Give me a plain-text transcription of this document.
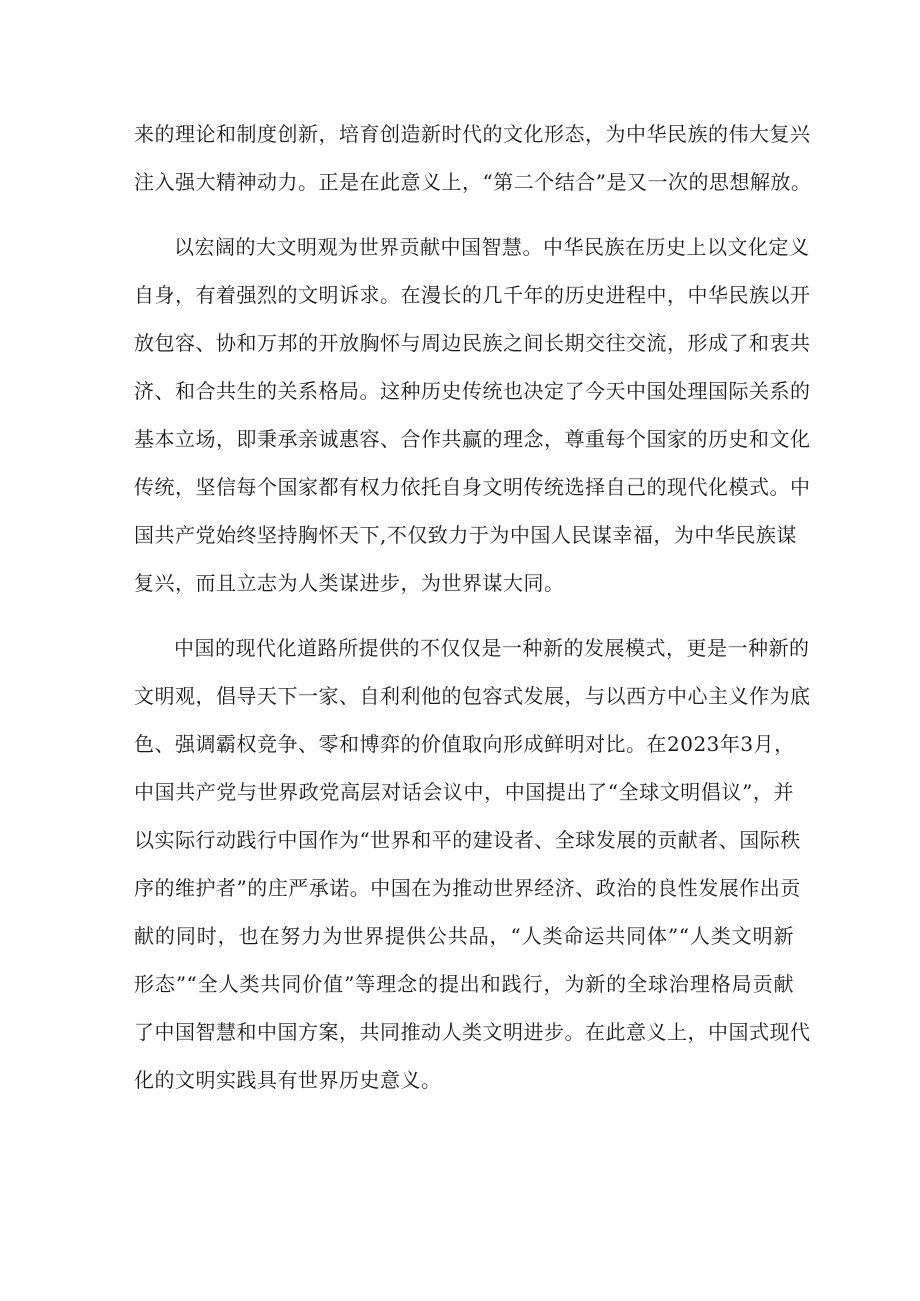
来的理论和制度创新，培育创造新时代的文化形态，为中华民族的伟大复兴
注入强大精神动力。正是在此意义上，“第二个结合”是又一次的思想解放。
以宏阔的大文明观为世界贡献中国智慧。中华民族在历史上以文化定义
自身，有着强烈的文明诉求。在漫长的几千年的历史进程中，中华民族以开
放包容、协和万邦的开放胸怀与周边民族之间长期交往交流，形成了和衷共
济、和合共生的关系格局。这种历史传统也决定了今天中国处理国际关系的
基本立场，即秉承亲诚惠容、合作共赢的理念，尊重每个国家的历史和文化
传统，坚信每个国家都有权力依托自身文明传统选择自己的现代化模式。中
国共产党始终坚持胸怀天下,不仅致力于为中国人民谋幸福，为中华民族谋
复兴，而且立志为人类谋进步，为世界谋大同。
中国的现代化道路所提供的不仅仅是一种新的发展模式，更是一种新的
文明观，倡导天下一家、自利利他的包容式发展，与以西方中心主义作为底
色、强调霸权竞争、零和博弈的价值取向形成鲜明对比。在2023年3月，
中国共产党与世界政党高层对话会议中，中国提出了“全球文明倡议”，并
以实际行动践行中国作为“世界和平的建设者、全球发展的贡献者、国际秩
序的维护者”的庄严承诺。中国在为推动世界经济、政治的良性发展作出贡
献的同时，也在努力为世界提供公共品，“人类命运共同体”“人类文明新
形态”“全人类共同价值”等理念的提出和践行，为新的全球治理格局贡献
了中国智慧和中国方案，共同推动人类文明进步。在此意义上，中国式现代
化的文明实践具有世界历史意义。
